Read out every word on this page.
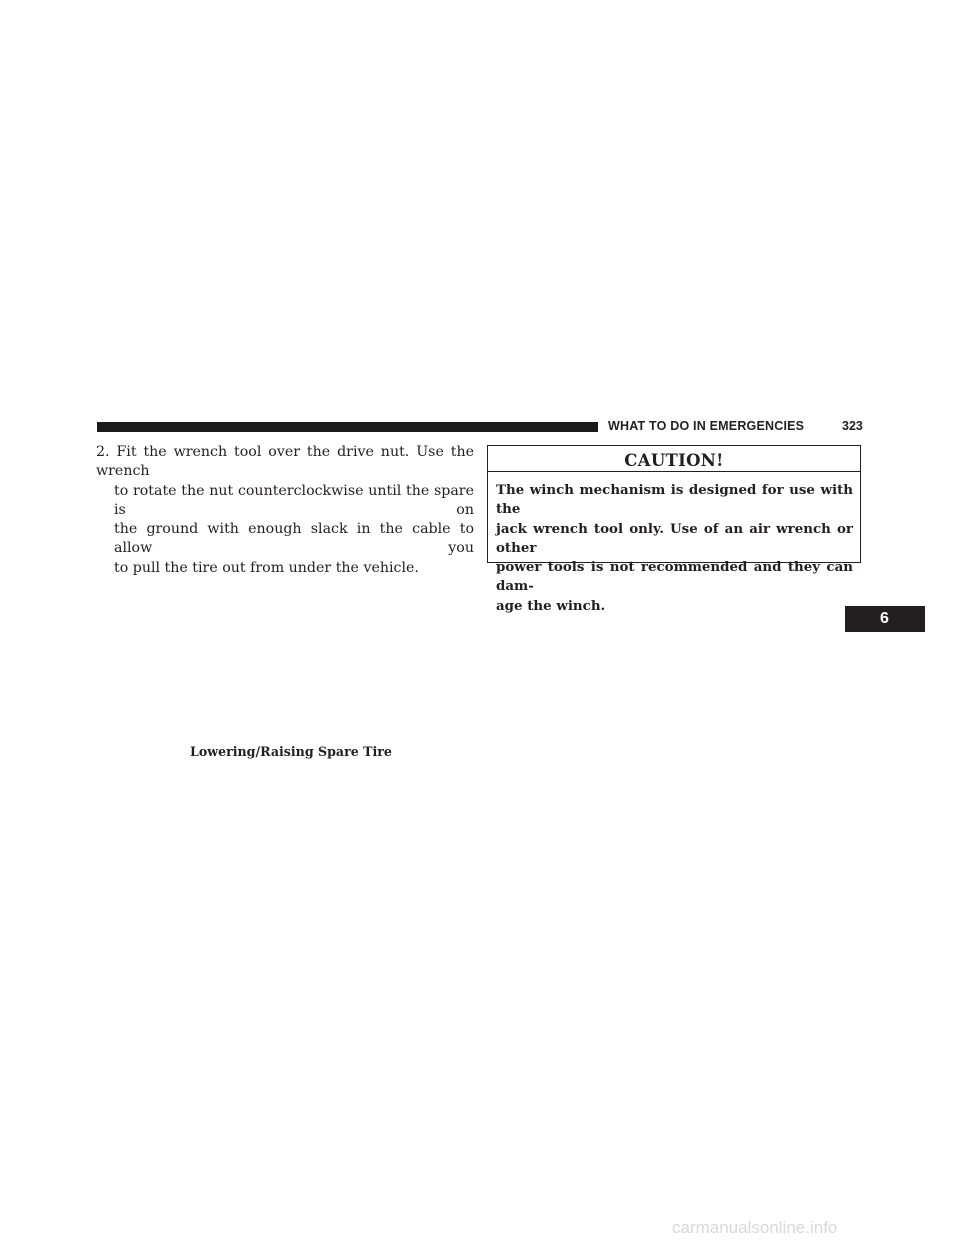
WHAT TO DO IN EMERGENCIES	323
2. Fit the wrench tool over the drive nut. Use the wrench
to rotate the nut counterclockwise until the spare is on
the ground with enough slack in the cable to allow you
to pull the tire out from under the vehicle.
CAUTION!
The winch mechanism is designed for use with the
jack wrench tool only. Use of an air wrench or other
power tools is not recommended and they can dam-
age the winch.
Lowering/Raising Spare Tire
6
carmanualsonline.info
